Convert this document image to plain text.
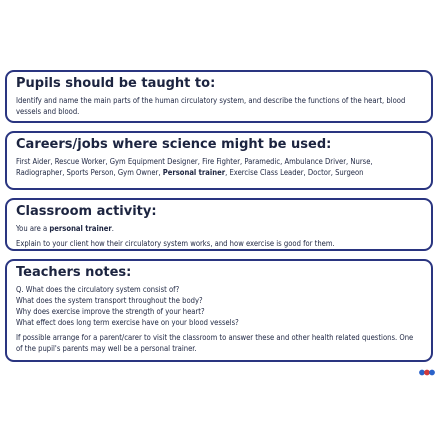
Pupils should be taught to:

Identify and name the main parts of the human circulatory system, and describe the functions of the heart, blood vessels and blood.

Careers/jobs where science might be used:

First Aider, Rescue Worker, Gym Equipment Designer, Fire Fighter, Paramedic, Ambulance Driver, Nurse, Radiographer, Sports Person, Gym Owner, Personal trainer, Exercise Class Leader, Doctor, Surgeon

Classroom activity:

You are a personal trainer.

Explain to your client how their circulatory system works, and how exercise is good for them.

Teachers notes:

Q. What does the circulatory system consist of?

What does the system transport throughout the body?

Why does exercise improve the strength of your heart?

What effect does long term exercise have on your blood vessels?

If possible arrange for a parent/carer to visit the classroom to answer these and other health related questions. One of the pupil's parents may well be a personal trainer.
